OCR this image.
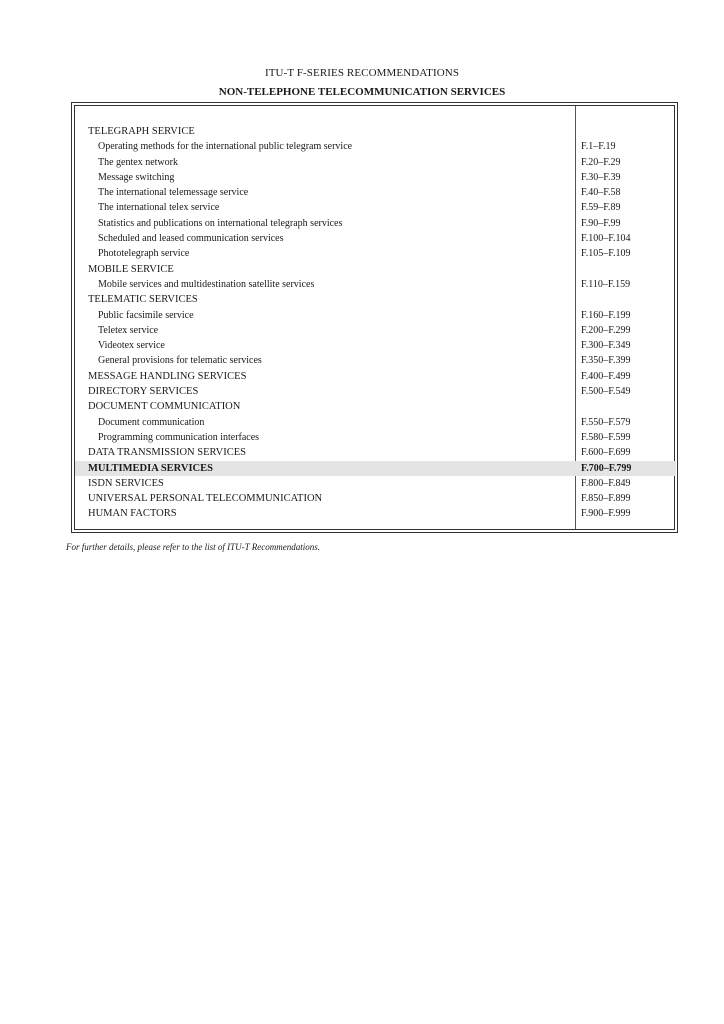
ITU-T F-SERIES RECOMMENDATIONS
NON-TELEPHONE TELECOMMUNICATION SERVICES
TELEGRAPH SERVICE
Operating methods for the international public telegram service	F.1–F.19
The gentex network	F.20–F.29
Message switching	F.30–F.39
The international telemessage service	F.40–F.58
The international telex service	F.59–F.89
Statistics and publications on international telegraph services	F.90–F.99
Scheduled and leased communication services	F.100–F.104
Phototelegraph service	F.105–F.109
MOBILE SERVICE
Mobile services and multidestination satellite services	F.110–F.159
TELEMATIC SERVICES
Public facsimile service	F.160–F.199
Teletex service	F.200–F.299
Videotex service	F.300–F.349
General provisions for telematic services	F.350–F.399
MESSAGE HANDLING SERVICES	F.400–F.499
DIRECTORY SERVICES	F.500–F.549
DOCUMENT COMMUNICATION
Document communication	F.550–F.579
Programming communication interfaces	F.580–F.599
DATA TRANSMISSION SERVICES	F.600–F.699
MULTIMEDIA SERVICES	F.700–F.799
ISDN SERVICES	F.800–F.849
UNIVERSAL PERSONAL TELECOMMUNICATION	F.850–F.899
HUMAN FACTORS	F.900–F.999
For further details, please refer to the list of ITU-T Recommendations.
